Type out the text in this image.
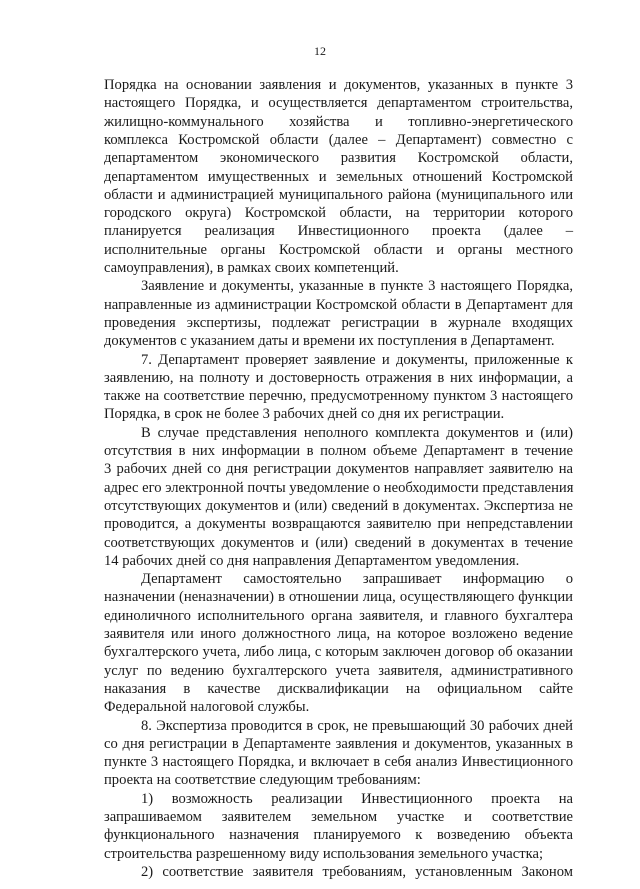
12
Порядка на основании заявления и документов, указанных в пункте 3
настоящего Порядка, и осуществляется департаментом строительства,
жилищно-коммунального хозяйства и топливно-энергетического
комплекса Костромской области (далее – Департамент) совместно с
департаментом экономического развития Костромской области,
департаментом имущественных и земельных отношений Костромской
области и администрацией муниципального района (муниципального или
городского округа) Костромской области, на территории которого
планируется реализация Инвестиционного проекта (далее –
исполнительные органы Костромской области и органы местного
самоуправления), в рамках своих компетенций.
Заявление и документы, указанные в пункте 3 настоящего Порядка,
направленные из администрации Костромской области в Департамент для
проведения экспертизы, подлежат регистрации в журнале входящих
документов с указанием даты и времени их поступления в Департамент.
7. Департамент проверяет заявление и документы, приложенные к
заявлению, на полноту и достоверность отражения в них информации, а
также на соответствие перечню, предусмотренному пунктом 3 настоящего
Порядка, в срок не более 3 рабочих дней со дня их регистрации.
В случае представления неполного комплекта документов и (или)
отсутствия в них информации в полном объеме Департамент в течение
3 рабочих дней со дня регистрации документов направляет заявителю на
адрес его электронной почты уведомление о необходимости представления
отсутствующих документов и (или) сведений в документах. Экспертиза не
проводится, а документы возвращаются заявителю при непредставлении
соответствующих документов и (или) сведений в документах в течение
14 рабочих дней со дня направления Департаментом уведомления.
Департамент самостоятельно запрашивает информацию о
назначении (неназначении) в отношении лица, осуществляющего функции
единоличного исполнительного органа заявителя, и главного бухгалтера
заявителя или иного должностного лица, на которое возложено ведение
бухгалтерского учета, либо лица, с которым заключен договор об оказании
услуг по ведению бухгалтерского учета заявителя, административного
наказания в качестве дисквалификации на официальном сайте
Федеральной налоговой службы.
8. Экспертиза проводится в срок, не превышающий 30 рабочих дней
со дня регистрации в Департаменте заявления и документов, указанных в
пункте 3 настоящего Порядка, и включает в себя анализ Инвестиционного
проекта на соответствие следующим требованиям:
1) возможность реализации Инвестиционного проекта на
запрашиваемом заявителем земельном участке и соответствие
функционального назначения планируемого к возведению объекта
строительства разрешенному виду использования земельного участка;
2) соответствие заявителя требованиям, установленным Законом
